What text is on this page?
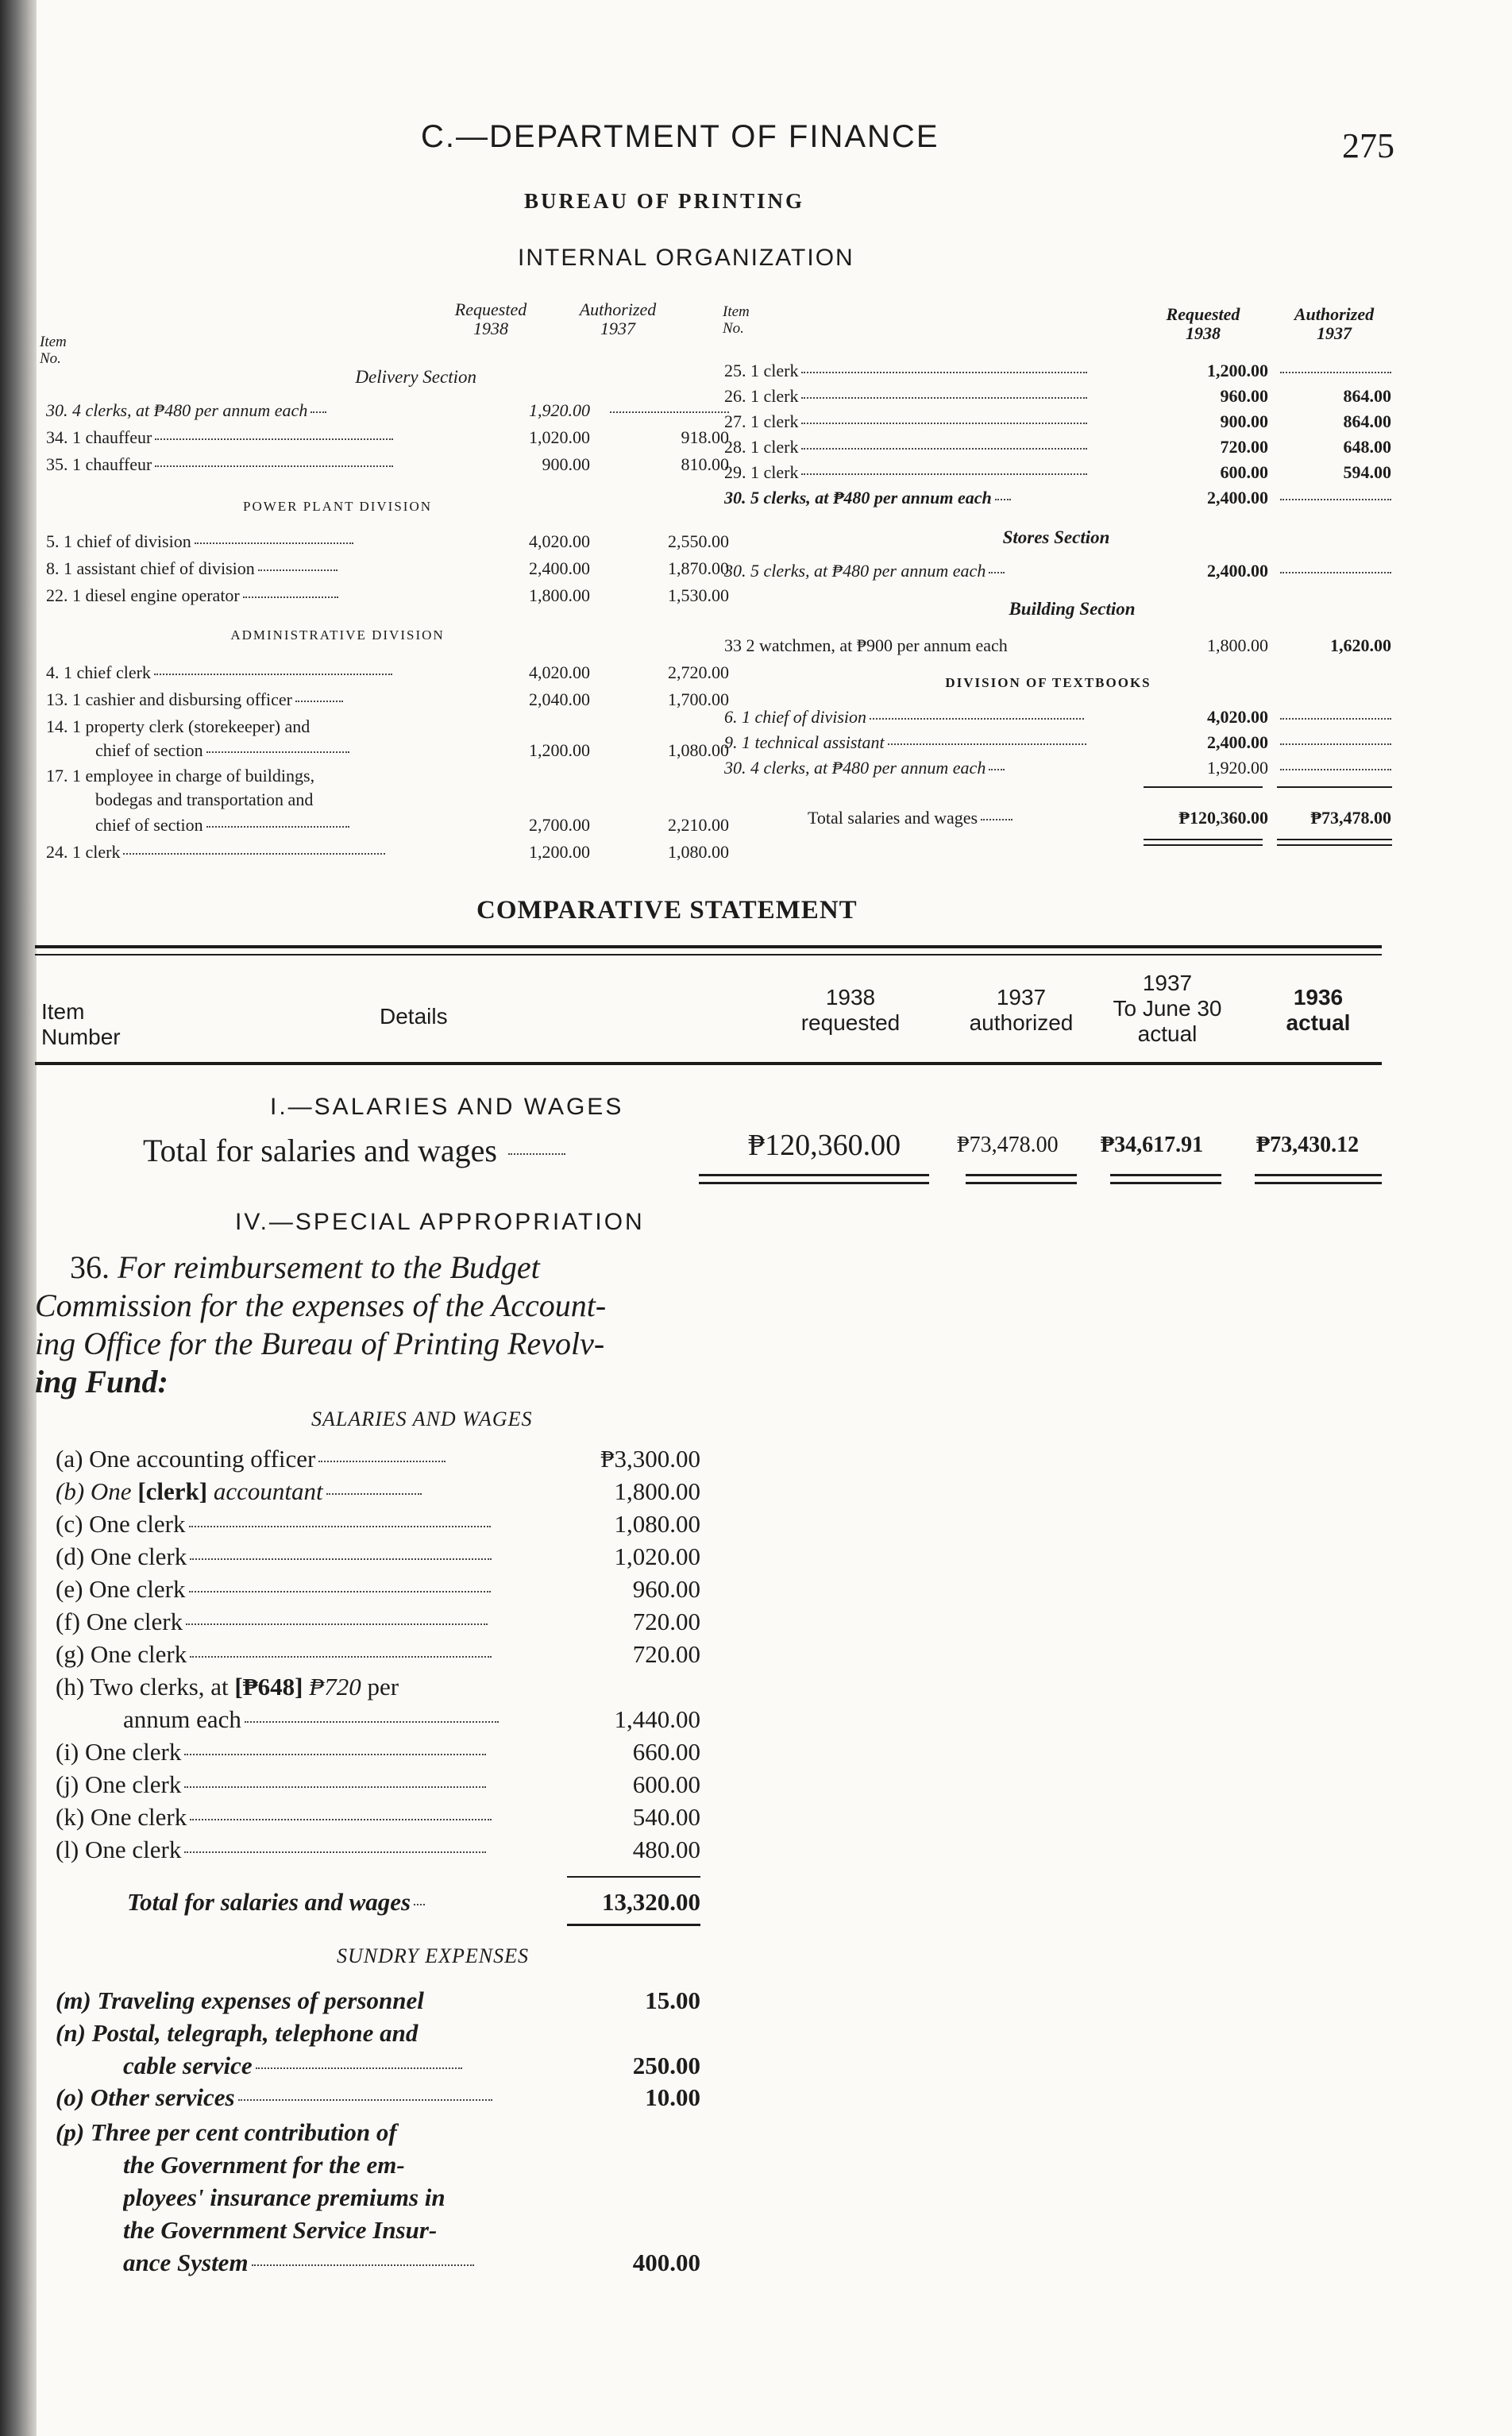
C.—DEPARTMENT OF FINANCE	275
BUREAU OF PRINTING
INTERNAL ORGANIZATION
Item
No.
Requested
1938
Authorized
1937
Delivery Section
30. 4 clerks, at ₱480 per annum each	1,920.00
34. 1 chauffeur	1,020.00	918.00
35. 1 chauffeur	900.00	810.00
POWER PLANT DIVISION
5. 1 chief of division	4,020.00	2,550.00
8. 1 assistant chief of division	2,400.00	1,870.00
22. 1 diesel engine operator	1,800.00	1,530.00
ADMINISTRATIVE DIVISION
4. 1 chief clerk	4,020.00	2,720.00
13. 1 cashier and disbursing officer	2,040.00	1,700.00
14. 1 property clerk (storekeeper) and
chief of section	1,200.00	1,080.00
17. 1 employee in charge of buildings,
bodegas and transportation and
chief of section	2,700.00	2,210.00
24. 1 clerk	1,200.00	1,080.00
Item
No.
Requested
1938
Authorized
1937
25. 1 clerk	1,200.00
26. 1 clerk	960.00	864.00
27. 1 clerk	900.00	864.00
28. 1 clerk	720.00	648.00
29. 1 clerk	600.00	594.00
30. 5 clerks, at ₱480 per annum each	2,400.00
Stores Section
30. 5 clerks, at ₱480 per annum each	2,400.00
Building Section
33 2 watchmen, at ₱900 per annum each	1,800.00	1,620.00
DIVISION OF TEXTBOOKS
6. 1 chief of division	4,020.00
9. 1 technical assistant	2,400.00
30. 4 clerks, at ₱480 per annum each	1,920.00
Total salaries and wages	₱120,360.00	₱73,478.00
COMPARATIVE STATEMENT
Item
Number
Details
1938
requested
1937
authorized
1937
To June 30
actual
1936
actual
I.—SALARIES AND WAGES
Total for salaries and wages	₱120,360.00	₱73,478.00 ₱34,617.91 ₱73,430.12
IV.—SPECIAL APPROPRIATION
36. For reimbursement to the Budget
Commission for the expenses of the Account-
ing Office for the Bureau of Printing Revolv-
ing Fund:
SALARIES AND WAGES
(a) One accounting officer	₱3,300.00
(b) One [clerk] accountant	1,800.00
(c) One clerk	1,080.00
(d) One clerk	1,020.00
(e) One clerk	960.00
(f) One clerk	720.00
(g) One clerk	720.00
(h) Two clerks, at [₱648] ₱720 per
annum each	1,440.00
(i) One clerk	660.00
(j) One clerk	600.00
(k) One clerk	540.00
(l) One clerk	480.00
Total for salaries and wages	13,320.00
SUNDRY EXPENSES
(m) Traveling expenses of personnel	15.00
(n) Postal, telegraph, telephone and
cable service	250.00
(o) Other services	10.00
(p) Three per cent contribution of
the Government for the em-
ployees' insurance premiums in
the Government Service Insur-
ance System	400.00
